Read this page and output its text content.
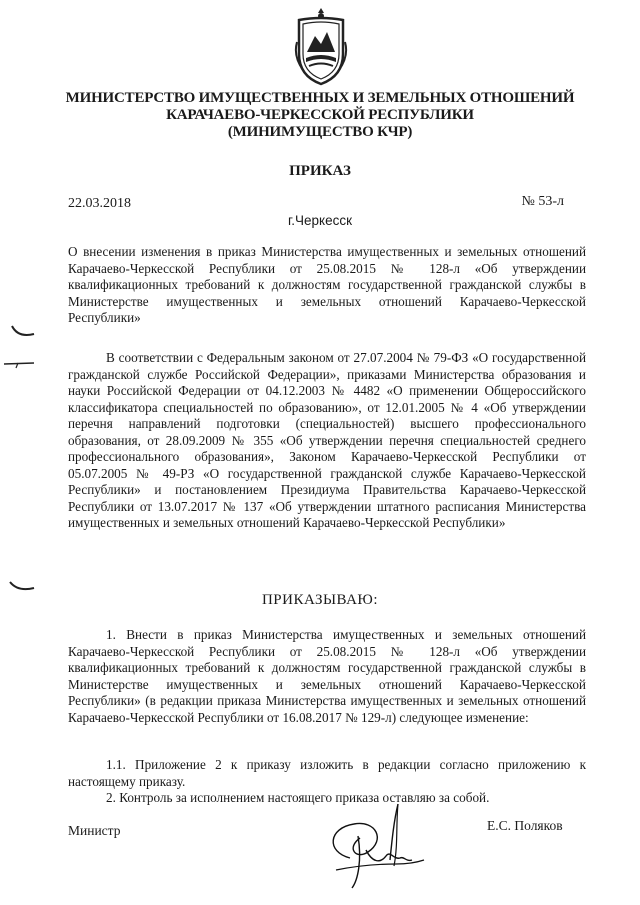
МИНИСТЕРСТВО ИМУЩЕСТВЕННЫХ И ЗЕМЕЛЬНЫХ ОТНОШЕНИЙ
КАРАЧАЕВО-ЧЕРКЕССКОЙ РЕСПУБЛИКИ
(МИНИМУЩЕСТВО КЧР)
ПРИКАЗ
22.03.2018	№ 53-л
г.Черкесск
О внесении изменения в приказ Министерства имущественных и земельных отношений Карачаево-Черкесской Республики от 25.08.2015 № 128-л «Об утверждении квалификационных требований к должностям государственной гражданской службы в Министерстве имущественных и земельных отношений Карачаево-Черкесской Республики»
В соответствии с Федеральным законом от 27.07.2004 № 79-ФЗ «О государственной гражданской службе Российской Федерации», приказами Министерства образования и науки Российской Федерации от 04.12.2003 № 4482 «О применении Общероссийского классификатора специальностей по образованию», от 12.01.2005 № 4 «Об утверждении перечня направлений подготовки (специальностей) высшего профессионального образования, от 28.09.2009 № 355 «Об утверждении перечня специальностей среднего профессионального образования», Законом Карачаево-Черкесской Республики от 05.07.2005 № 49-РЗ «О государственной гражданской службе Карачаево-Черкесской Республики» и постановлением Президиума Правительства Карачаево-Черкесской Республики от 13.07.2017 № 137 «Об утверждении штатного расписания Министерства имущественных и земельных отношений Карачаево-Черкесской Республики»
ПРИКАЗЫВАЮ:
1. Внести в приказ Министерства имущественных и земельных отношений Карачаево-Черкесской Республики от 25.08.2015 № 128-л «Об утверждении квалификационных требований к должностям государственной гражданской службы в Министерстве имущественных и земельных отношений Карачаево-Черкесской Республики» (в редакции приказа Министерства имущественных и земельных отношений Карачаево-Черкесской Республики от 16.08.2017 № 129-л) следующее изменение:
1.1. Приложение 2 к приказу изложить в редакции согласно приложению к настоящему приказу.
2. Контроль за исполнением настоящего приказа оставляю за собой.
Министр	Е.С. Поляков
